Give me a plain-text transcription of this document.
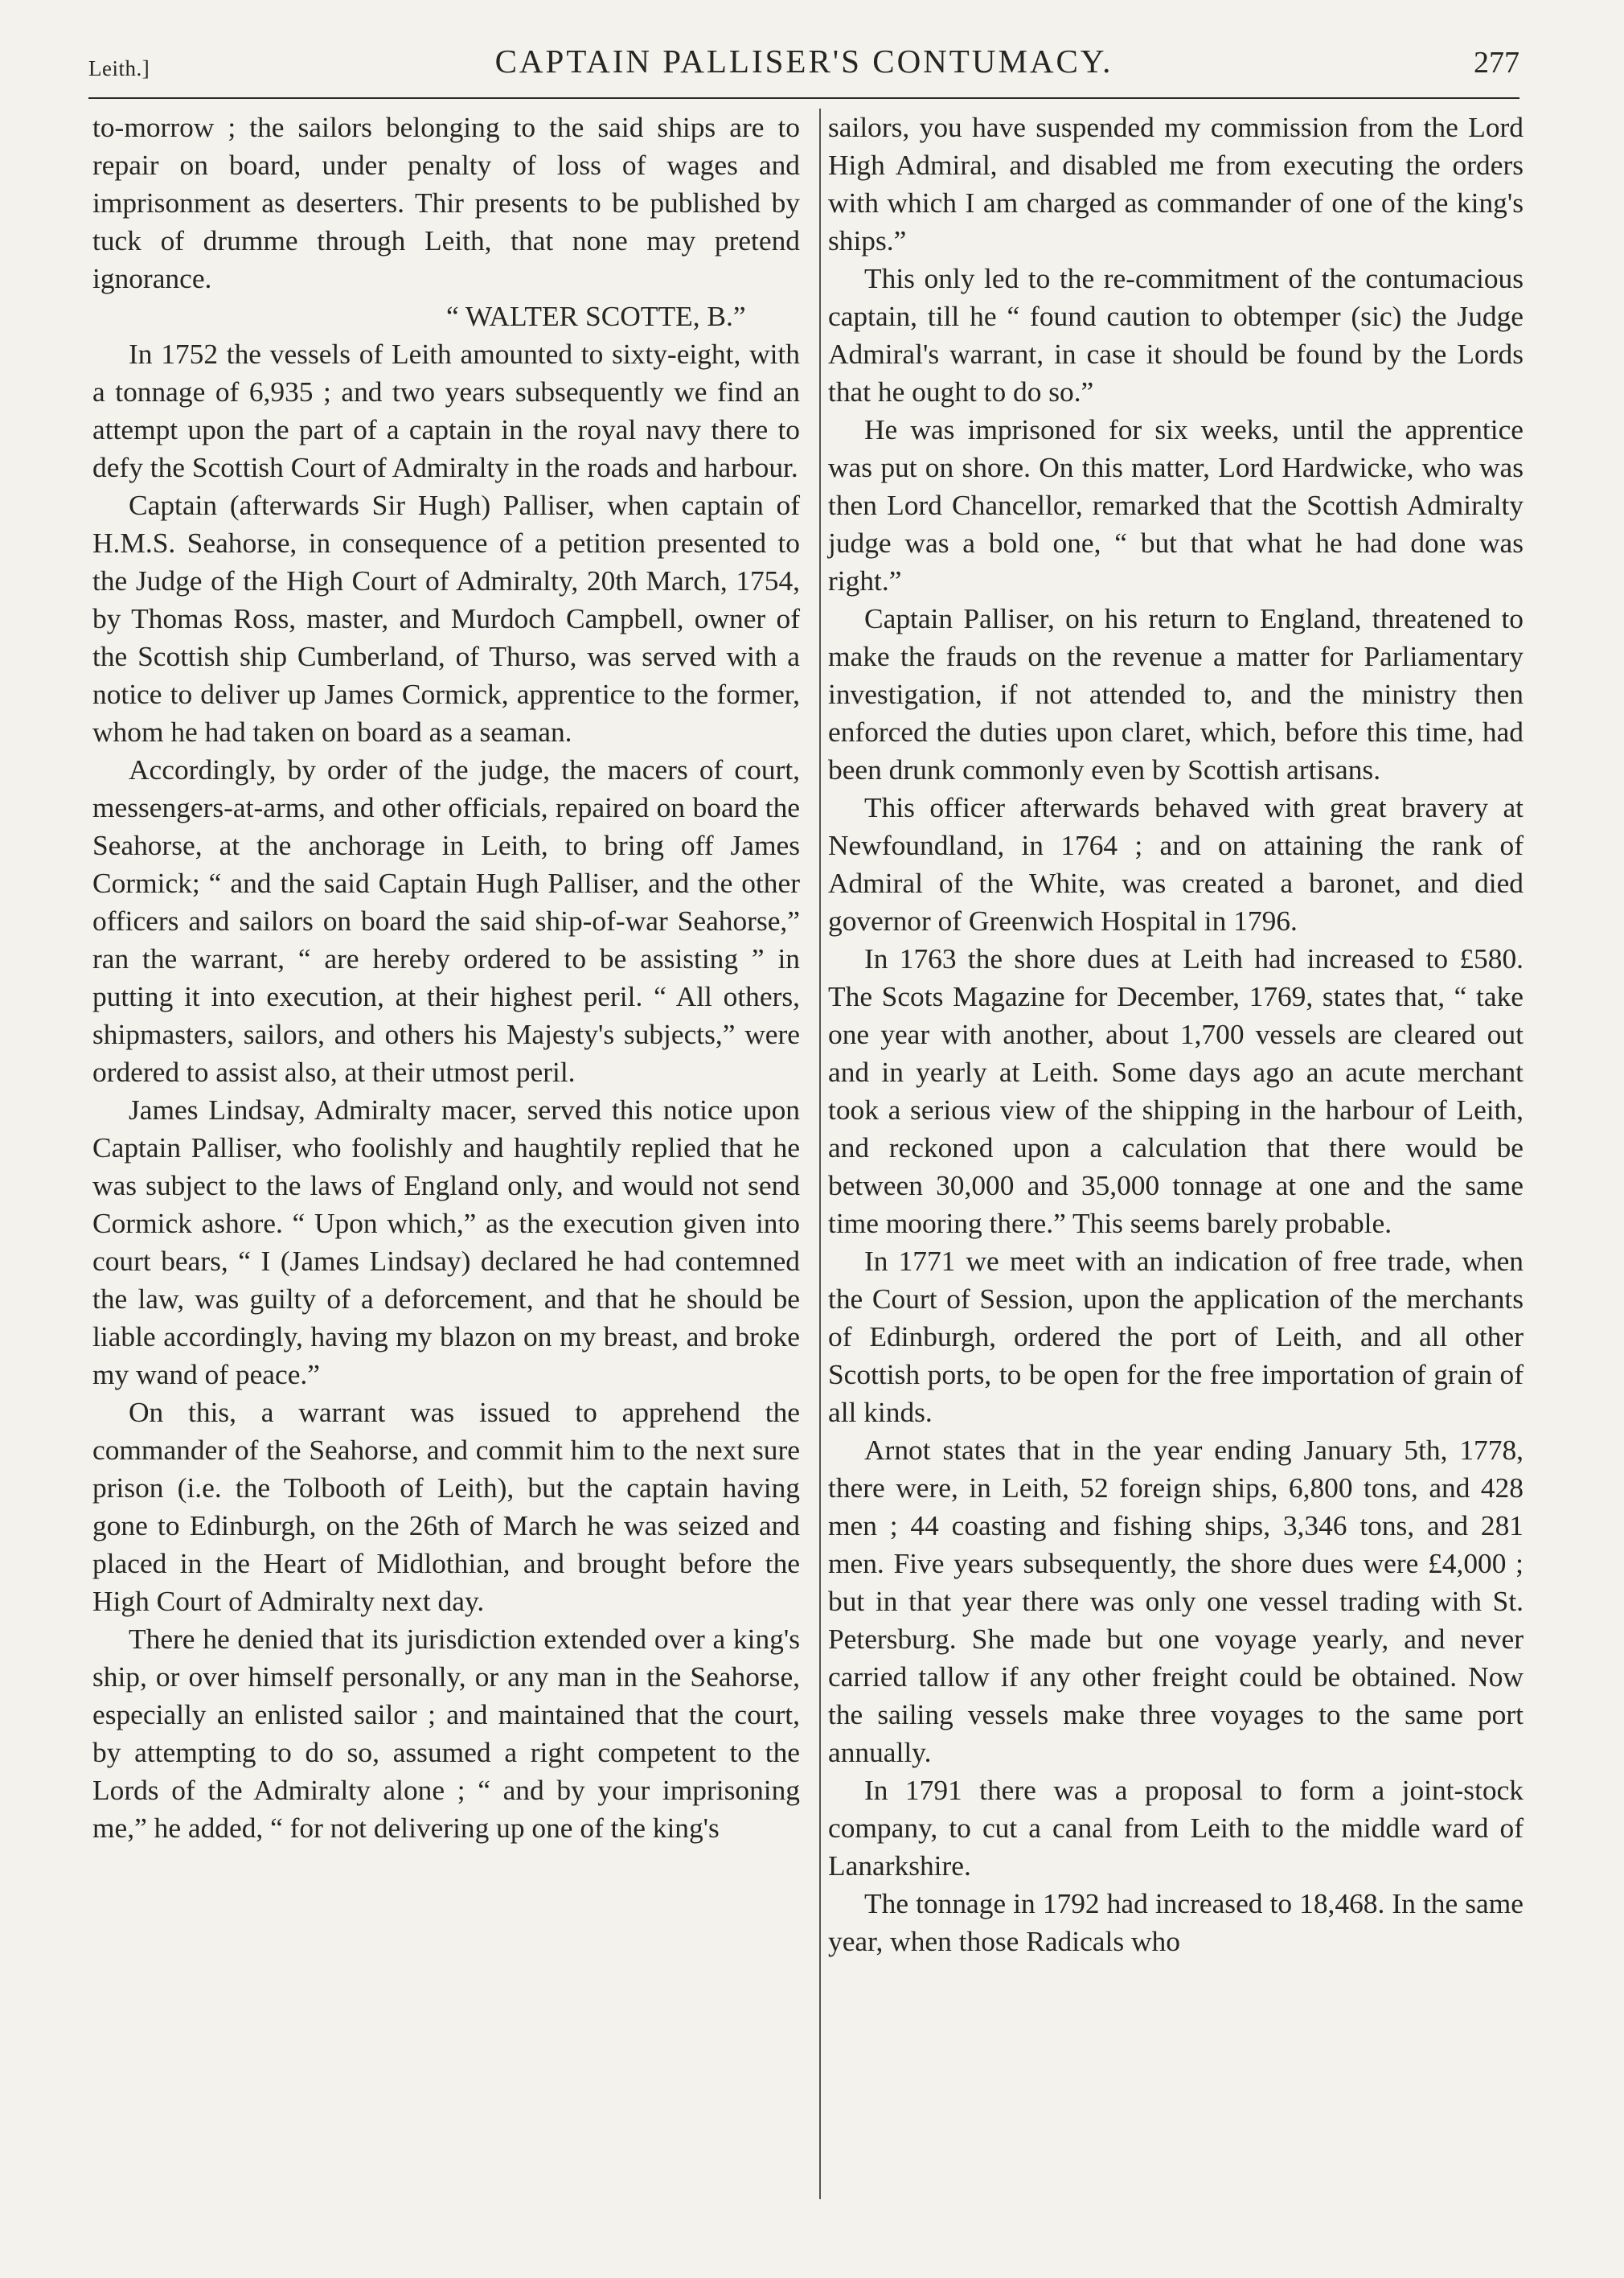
Leith.]	CAPTAIN PALLISER'S CONTUMACY.	277

to-morrow ; the sailors belonging to the said ships are to repair on board, under penalty of loss of wages and imprisonment as deserters. Thir presents to be published by tuck of drumme through Leith, that none may pretend ignorance.

“ WALTER SCOTTE, B.”

In 1752 the vessels of Leith amounted to sixty-eight, with a tonnage of 6,935 ; and two years subsequently we find an attempt upon the part of a captain in the royal navy there to defy the Scottish Court of Admiralty in the roads and harbour.

Captain (afterwards Sir Hugh) Palliser, when captain of H.M.S. Seahorse, in consequence of a petition presented to the Judge of the High Court of Admiralty, 20th March, 1754, by Thomas Ross, master, and Murdoch Campbell, owner of the Scottish ship Cumberland, of Thurso, was served with a notice to deliver up James Cormick, apprentice to the former, whom he had taken on board as a seaman.

Accordingly, by order of the judge, the macers of court, messengers-at-arms, and other officials, repaired on board the Seahorse, at the anchorage in Leith, to bring off James Cormick; “ and the said Captain Hugh Palliser, and the other officers and sailors on board the said ship-of-war Seahorse,” ran the warrant, “ are hereby ordered to be assisting ” in putting it into execution, at their highest peril. “ All others, shipmasters, sailors, and others his Majesty's subjects,” were ordered to assist also, at their utmost peril.

James Lindsay, Admiralty macer, served this notice upon Captain Palliser, who foolishly and haughtily replied that he was subject to the laws of England only, and would not send Cormick ashore. “ Upon which,” as the execution given into court bears, “ I (James Lindsay) declared he had contemned the law, was guilty of a deforcement, and that he should be liable accordingly, having my blazon on my breast, and broke my wand of peace.”

On this, a warrant was issued to apprehend the commander of the Seahorse, and commit him to the next sure prison (i.e. the Tolbooth of Leith), but the captain having gone to Edinburgh, on the 26th of March he was seized and placed in the Heart of Midlothian, and brought before the High Court of Admiralty next day.

There he denied that its jurisdiction extended over a king's ship, or over himself personally, or any man in the Seahorse, especially an enlisted sailor ; and maintained that the court, by attempting to do so, assumed a right competent to the Lords of the Admiralty alone ; “ and by your imprisoning me,” he added, “ for not delivering up one of the king's

sailors, you have suspended my commission from the Lord High Admiral, and disabled me from executing the orders with which I am charged as commander of one of the king's ships.”

This only led to the re-commitment of the contumacious captain, till he “ found caution to obtemper (sic) the Judge Admiral's warrant, in case it should be found by the Lords that he ought to do so.”

He was imprisoned for six weeks, until the apprentice was put on shore. On this matter, Lord Hardwicke, who was then Lord Chancellor, remarked that the Scottish Admiralty judge was a bold one, “ but that what he had done was right.”

Captain Palliser, on his return to England, threatened to make the frauds on the revenue a matter for Parliamentary investigation, if not attended to, and the ministry then enforced the duties upon claret, which, before this time, had been drunk commonly even by Scottish artisans.

This officer afterwards behaved with great bravery at Newfoundland, in 1764 ; and on attaining the rank of Admiral of the White, was created a baronet, and died governor of Greenwich Hospital in 1796.

In 1763 the shore dues at Leith had increased to £580. The Scots Magazine for December, 1769, states that, “ take one year with another, about 1,700 vessels are cleared out and in yearly at Leith. Some days ago an acute merchant took a serious view of the shipping in the harbour of Leith, and reckoned upon a calculation that there would be between 30,000 and 35,000 tonnage at one and the same time mooring there.” This seems barely probable.

In 1771 we meet with an indication of free trade, when the Court of Session, upon the application of the merchants of Edinburgh, ordered the port of Leith, and all other Scottish ports, to be open for the free importation of grain of all kinds.

Arnot states that in the year ending January 5th, 1778, there were, in Leith, 52 foreign ships, 6,800 tons, and 428 men ; 44 coasting and fishing ships, 3,346 tons, and 281 men. Five years subsequently, the shore dues were £4,000 ; but in that year there was only one vessel trading with St. Petersburg. She made but one voyage yearly, and never carried tallow if any other freight could be obtained. Now the sailing vessels make three voyages to the same port annually.

In 1791 there was a proposal to form a joint-stock company, to cut a canal from Leith to the middle ward of Lanarkshire.

The tonnage in 1792 had increased to 18,468. In the same year, when those Radicals who
